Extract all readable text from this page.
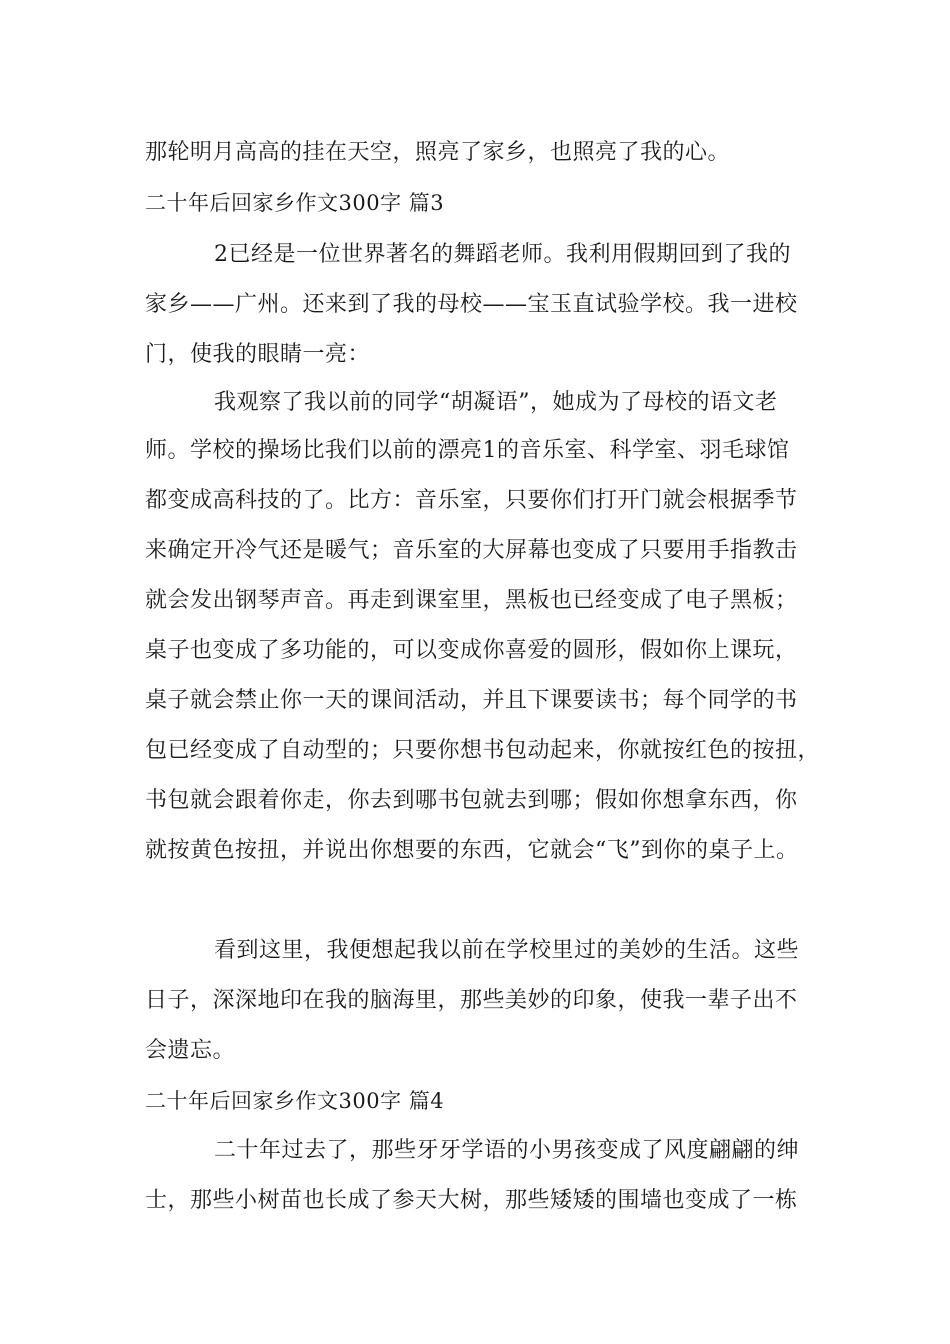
那轮明月高高的挂在天空，照亮了家乡，也照亮了我的心。
二十年后回家乡作文300字 篇3
2已经是一位世界著名的舞蹈老师。我利用假期回到了我的
家乡——广州。还来到了我的母校——宝玉直试验学校。我一进校
门，使我的眼睛一亮：
我观察了我以前的同学“胡凝语”，她成为了母校的语文老
师。学校的操场比我们以前的漂亮1的音乐室、科学室、羽毛球馆
都变成高科技的了。比方：音乐室，只要你们打开门就会根据季节
来确定开冷气还是暖气；音乐室的大屏幕也变成了只要用手指教击
就会发出钢琴声音。再走到课室里，黑板也已经变成了电子黑板；
桌子也变成了多功能的，可以变成你喜爱的圆形，假如你上课玩，
桌子就会禁止你一天的课间活动，并且下课要读书；每个同学的书
包已经变成了自动型的；只要你想书包动起来，你就按红色的按扭，
书包就会跟着你走，你去到哪书包就去到哪；假如你想拿东西，你
就按黄色按扭，并说出你想要的东西，它就会“飞”到你的桌子上。
看到这里，我便想起我以前在学校里过的美妙的生活。这些
日子，深深地印在我的脑海里，那些美妙的印象，使我一辈子出不
会遗忘。
二十年后回家乡作文300字 篇4
二十年过去了，那些牙牙学语的小男孩变成了风度翩翩的绅
士，那些小树苗也长成了参天大树，那些矮矮的围墙也变成了一栋
